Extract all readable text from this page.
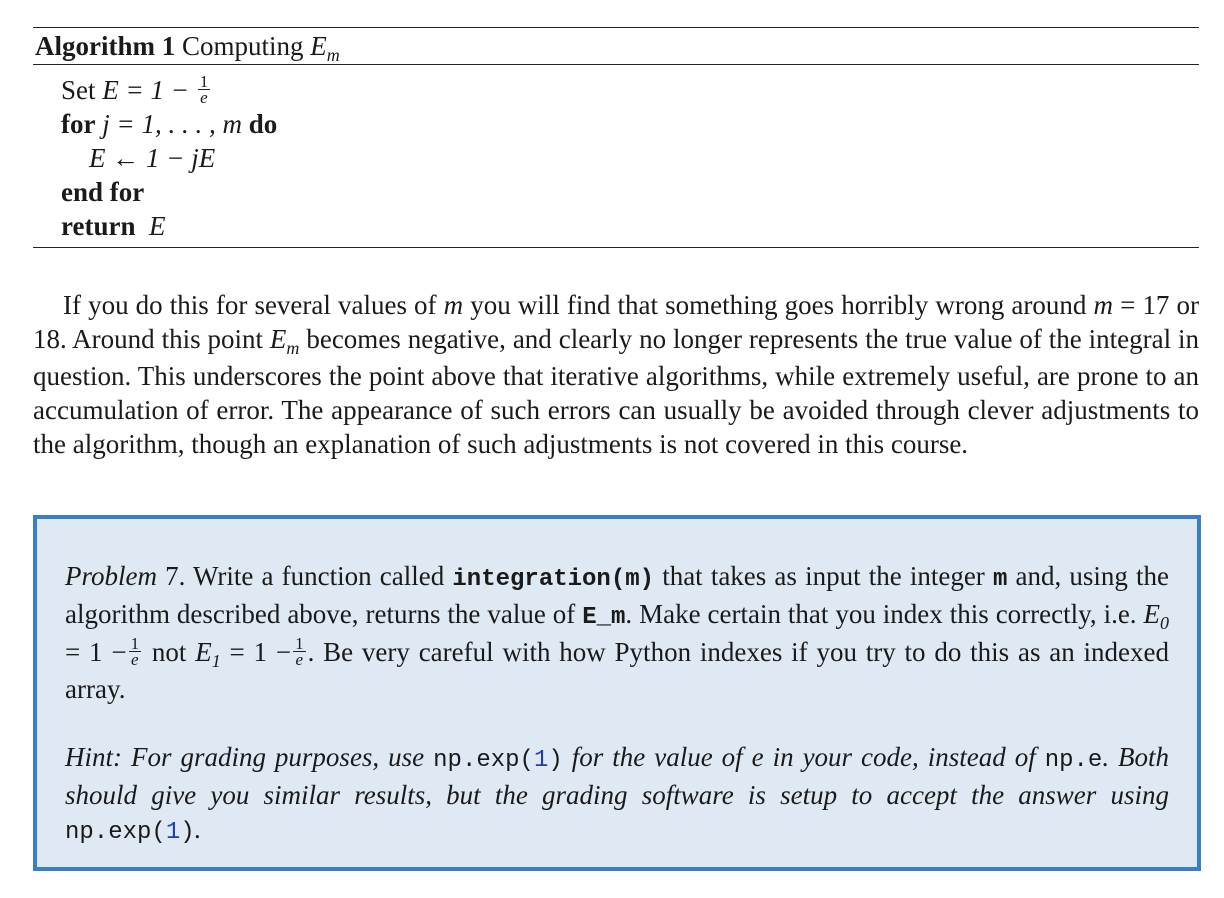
Algorithm 1 Computing $E_m$
Set $E = 1 - \frac{1}{e}$
for j = 1, . . . , m do
E ← 1 − jE
end for
return E
If you do this for several values of m you will find that something goes horribly wrong around m = 17 or 18. Around this point $E_m$ becomes negative, and clearly no longer represents the true value of the integral in question. This underscores the point above that iterative algorithms, while extremely useful, are prone to an accumulation of error. The appearance of such errors can usually be avoided through clever adjustments to the algorithm, though an explanation of such adjustments is not covered in this course.
Problem 7. Write a function called integration(m) that takes as input the integer m and, using the algorithm described above, returns the value of E_m. Make certain that you index this correctly, i.e. $E_0 = 1 - \frac{1}{e}$ not $E_1 = 1 - \frac{1}{e}$ . Be very careful with how Python indexes if you try to do this as an indexed array.
Hint: For grading purposes, use np.exp(1) for the value of e in your code, instead of np.e. Both should give you similar results, but the grading software is setup to accept the answer using np.exp(1).
